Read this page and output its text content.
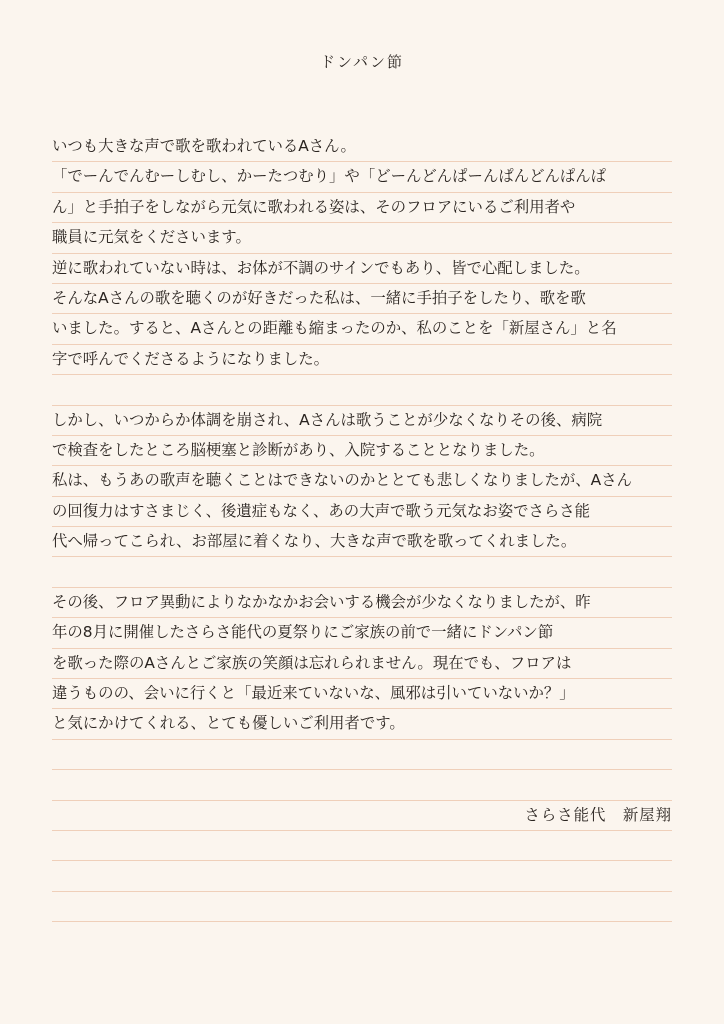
ドンパン節
いつも大きな声で歌を歌われているAさん。
「でーんでんむーしむし、かーたつむり」や「どーんどんぱーんぱんどんぱんぱ
ん」と手拍子をしながら元気に歌われる姿は、そのフロアにいるご利用者や
職員に元気をくださいます。
逆に歌われていない時は、お体が不調のサインでもあり、皆で心配しました。
そんなAさんの歌を聴くのが好きだった私は、一緒に手拍子をしたり、歌を歌
いました。すると、Aさんとの距離も縮まったのか、私のことを「新屋さん」と名
字で呼んでくださるようになりました。
しかし、いつからか体調を崩され、Aさんは歌うことが少なくなりその後、病院
で検査をしたところ脳梗塞と診断があり、入院することとなりました。
私は、もうあの歌声を聴くことはできないのかととても悲しくなりましたが、Aさん
の回復力はすさまじく、後遺症もなく、あの大声で歌う元気なお姿でさらさ能
代へ帰ってこられ、お部屋に着くなり、大きな声で歌を歌ってくれました。
その後、フロア異動によりなかなかお会いする機会が少なくなりましたが、昨
年の8月に開催したさらさ能代の夏祭りにご家族の前で一緒にドンパン節
を歌った際のAさんとご家族の笑顔は忘れられません。現在でも、フロアは
違うものの、会いに行くと「最近来ていないな、風邪は引いていないか？」
と気にかけてくれる、とても優しいご利用者です。
さらさ能代　新屋翔
